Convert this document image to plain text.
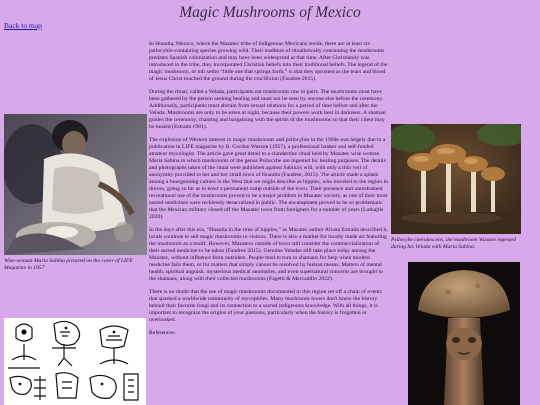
Back to map
Magic Mushrooms of Mexico

In Huautla, Mexico, where the Mazatec tribe of indigenous Mexicans reside, there are at least six psilocybin-containing species growing wild. Their tradition of ritualistically consuming the mushrooms predates Spanish colonization and may have been widespread at that time. After Christianity was introduced to the tribe, they incorporated Christian beliefs into their traditional beliefs. The legend of the magic mushroom, or ndi xetho “little one that springs forth,” is that they sprouted as the tears and blood of Jesus Christ touched the ground during the crucifixion (Faudree 2015).

During the ritual, called a Velada, participants eat mushrooms raw in pairs. The mushrooms must have been gathered by the person seeking healing and must not be seen by anyone else before the ceremony. Additionally, participants must abstain from sexual relations for a period of time before and after the Velada. Mushrooms are only to be eaten at night, because their powers work best in darkness. A shaman guides the ceremony, chanting and bargaining with the spirits of the mushrooms so that their client may be healed (Estrada 1981).

The explosion of Western interest in magic mushrooms and psilocybin in the 1960s was largely due to a publication in LIFE magazine by R. Gordon Wasson (1957), a professional banker and self-funded amateur mycologist. The article gave great detail to a clandestine ritual held by Mazatec wise woman Maria Sabina in which mushrooms of the genus Psilocybe are ingested for healing purposes. The details and photographs taken of the ritual were published against Sabina's will, with only a thin veil of anonymity provided to her and her small town of Huautla (Faudree, 2015). The article made a splash among a bourgeoning culture in the West that we might describe as hippies, who traveled to the region in droves, going so far as to erect a permanent camp outside of the town. Their presence and unrestrained recreational use of the mushrooms proved to be a major problem in Mazatec society, as one of their most sacred medicines were recklessly desacralized in public. The encampment proved to be so problematic that the Mexican military closed off the Mazatec town from foreigners for a number of years (Lutkajtis 2020).

In the days after this era, “Huautla in the time of hippies,” as Mazatec author Alvara Estrada described it, locals continue to sell magic mushrooms to visitors. There is also a market for locally made art featuring the mushroom as a motif. However, Mazatecs outside of town still consider the commercialization of their sacred medicine to be taboo (Faudree 2015). Genuine Veladas still take place today among the Mazatec, without influence from outsiders. People tend to turn to shamans for help when modern medicine fails them, or for matters that simply cannot be resolved by human means. Matters of mental health, spiritual anguish, mysterious medical anomalies, and even supernatural concerns are brought to the shamans, along with their collected mushrooms (Fagetti & Mercadillo 2022).

There is no doubt that the use of magic mushrooms documented in this region set off a chain of events that sparked a worldwide community of mycophiles. Many mushroom-lovers don't know the history behind their favorite fungi and its connection to a sacred indigenous knowledge. With all things, it is important to recognize the origins of your passions, particularly when the history is forgotten or overlooked.

References:

Wise-woman Maria Sabina pictured on the cover of LIFE Magazine in 1957
Psilocybe caerulescens, the mushroom Wasson ingested during his Velada with Maria Sabina.
